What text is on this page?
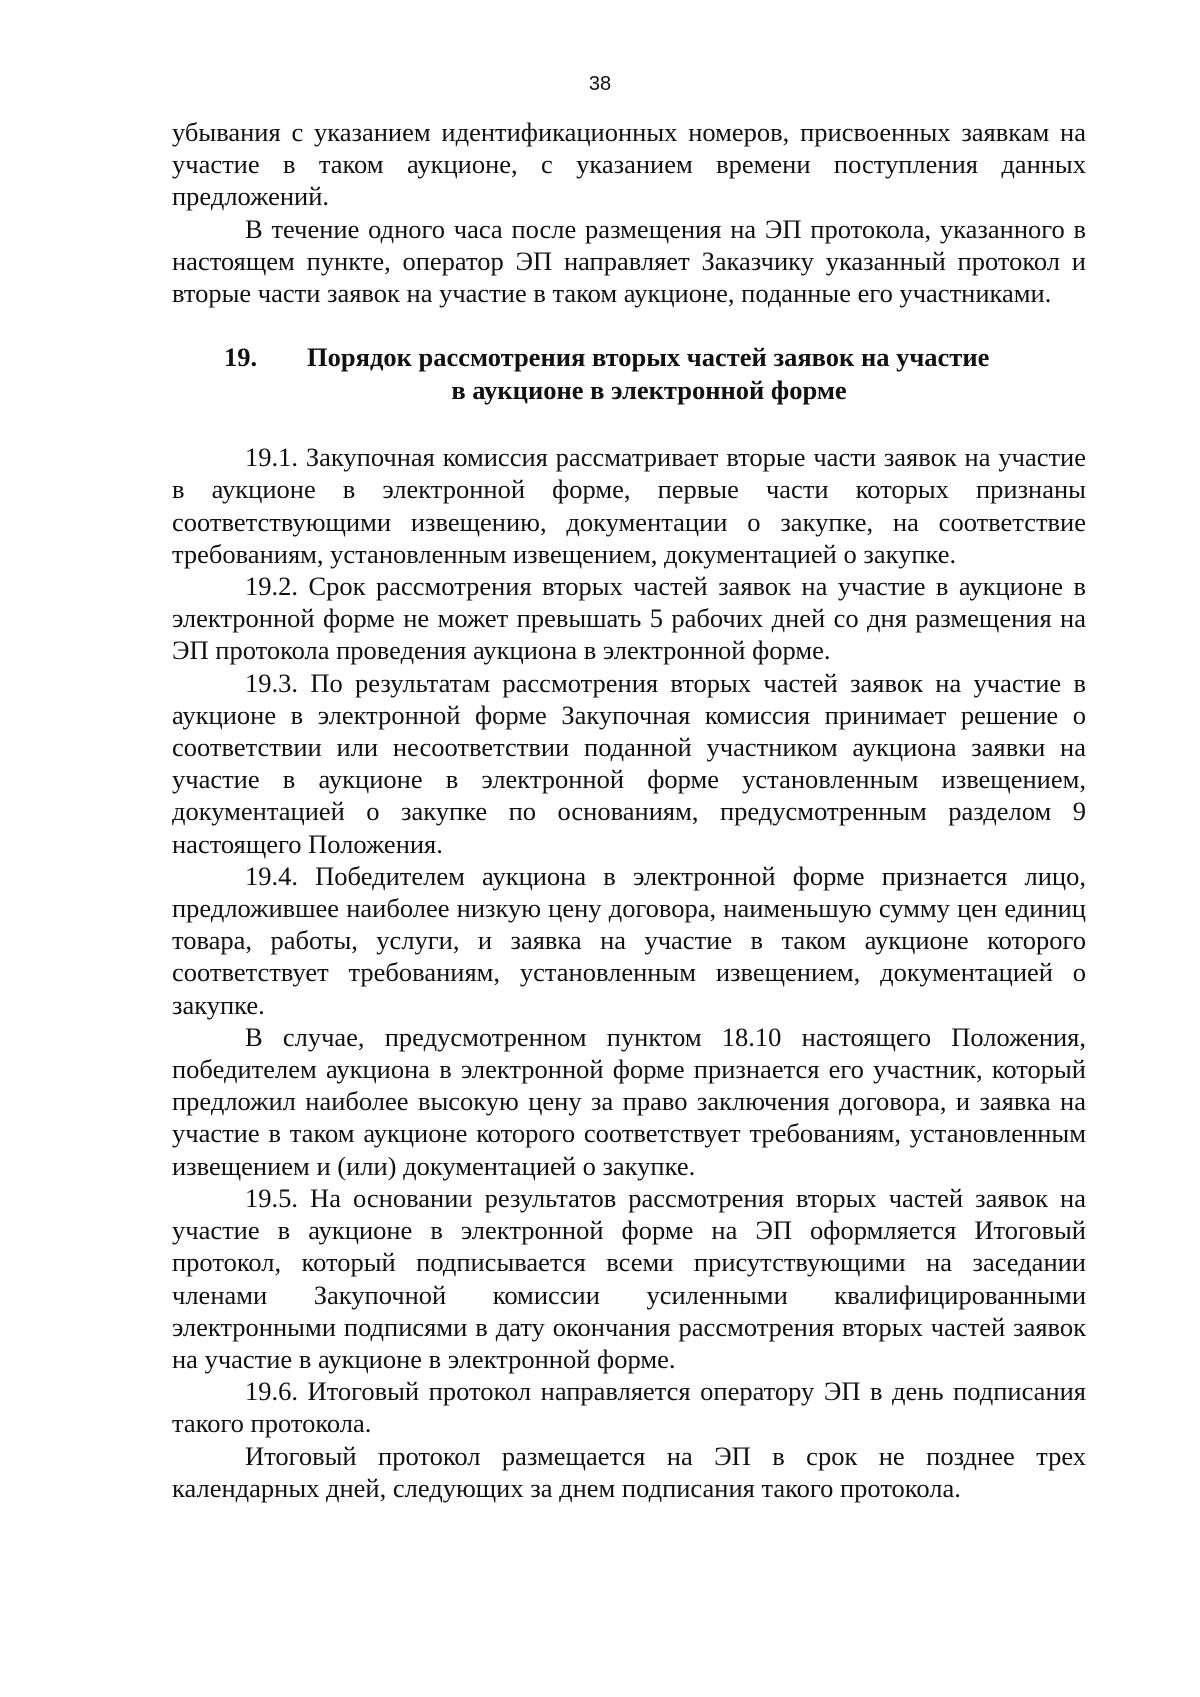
38

убывания с указанием идентификационных номеров, присвоенных заявкам на участие в таком аукционе, с указанием времени поступления данных предложений.

В течение одного часа после размещения на ЭП протокола, указанного в настоящем пункте, оператор ЭП направляет Заказчику указанный протокол и вторые части заявок на участие в таком аукционе, поданные его участниками.

19.	Порядок рассмотрения вторых частей заявок на участие
в аукционе в электронной форме

19.1. Закупочная комиссия рассматривает вторые части заявок на участие в аукционе в электронной форме, первые части которых признаны соответствующими извещению, документации о закупке, на соответствие требованиям, установленным извещением, документацией о закупке.

19.2. Срок рассмотрения вторых частей заявок на участие в аукционе в электронной форме не может превышать 5 рабочих дней со дня размещения на ЭП протокола проведения аукциона в электронной форме.

19.3. По результатам рассмотрения вторых частей заявок на участие в аукционе в электронной форме Закупочная комиссия принимает решение о соответствии или несоответствии поданной участником аукциона заявки на участие в аукционе в электронной форме установленным извещением, документацией о закупке по основаниям, предусмотренным разделом 9 настоящего Положения.

19.4. Победителем аукциона в электронной форме признается лицо, предложившее наиболее низкую цену договора, наименьшую сумму цен единиц товара, работы, услуги, и заявка на участие в таком аукционе которого соответствует требованиям, установленным извещением, документацией о закупке.

В случае, предусмотренном пунктом 18.10 настоящего Положения, победителем аукциона в электронной форме признается его участник, который предложил наиболее высокую цену за право заключения договора, и заявка на участие в таком аукционе которого соответствует требованиям, установленным извещением и (или) документацией о закупке.

19.5. На основании результатов рассмотрения вторых частей заявок на участие в аукционе в электронной форме на ЭП оформляется Итоговый протокол, который подписывается всеми присутствующими на заседании членами Закупочной комиссии усиленными квалифицированными электронными подписями в дату окончания рассмотрения вторых частей заявок на участие в аукционе в электронной форме.

19.6. Итоговый протокол направляется оператору ЭП в день подписания такого протокола.

Итоговый протокол размещается на ЭП в срок не позднее трех календарных дней, следующих за днем подписания такого протокола.
